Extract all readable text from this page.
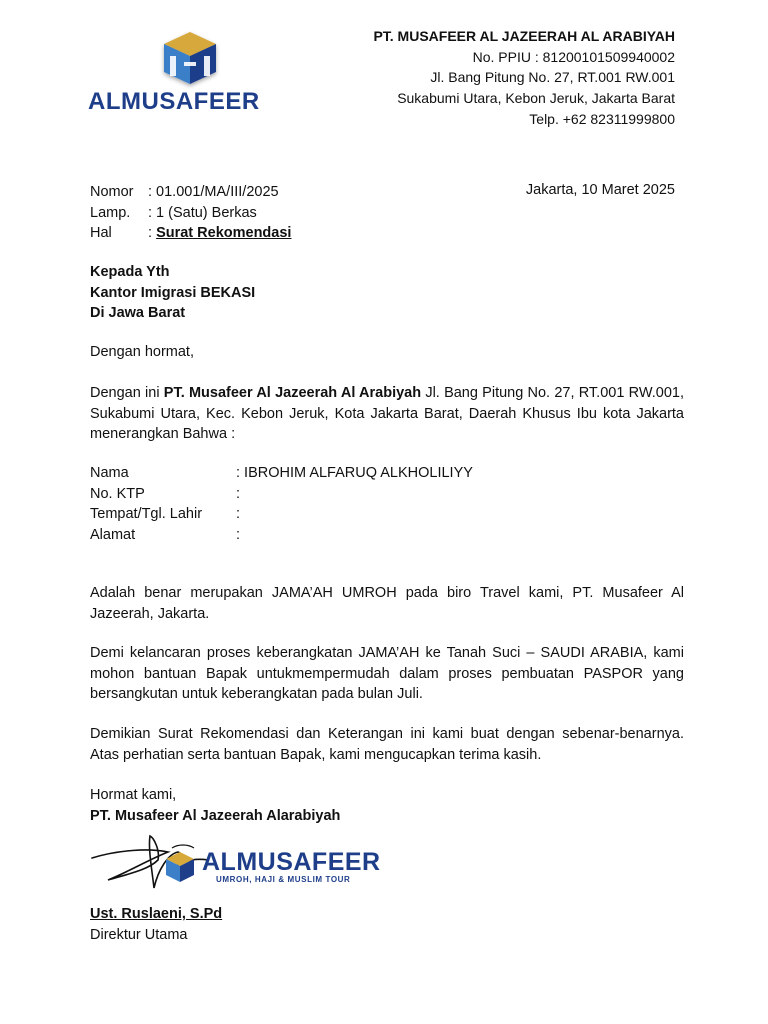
ALMUSAFEER
PT. MUSAFEER AL JAZEERAH AL ARABIYAH
No. PPIU : 81200101509940002
Jl. Bang Pitung No. 27, RT.001 RW.001
Sukabumi Utara, Kebon Jeruk, Jakarta Barat
Telp. +62 82311999800
Nomor : 01.001/MA/III/2025
Lamp.	: 1 (Satu) Berkas
Hal	: Surat Rekomendasi
Jakarta, 10 Maret 2025
Kepada Yth
Kantor Imigrasi BEKASI
Di Jawa Barat
Dengan hormat,
Dengan ini PT. Musafeer Al Jazeerah Al Arabiyah Jl. Bang Pitung No. 27, RT.001 RW.001, Sukabumi Utara, Kec. Kebon Jeruk, Kota Jakarta Barat, Daerah Khusus Ibu kota Jakarta menerangkan Bahwa :
Nama	: IBROHIM ALFARUQ ALKHOLILIYY
No. KTP	:
Tempat/Tgl. Lahir	:
Alamat	:
Adalah benar merupakan JAMA’AH UMROH pada biro Travel kami, PT. Musafeer Al Jazeerah, Jakarta.
Demi kelancaran proses keberangkatan JAMA’AH ke Tanah Suci – SAUDI ARABIA, kami mohon bantuan Bapak untukmempermudah dalam proses pembuatan PASPOR yang bersangkutan untuk keberangkatan pada bulan Juli.
Demikian Surat Rekomendasi dan Keterangan ini kami buat dengan sebenar-benarnya. Atas perhatian serta bantuan Bapak, kami mengucapkan terima kasih.
Hormat kami,
PT. Musafeer Al Jazeerah Alarabiyah
ALMUSAFEER
UMROH, HAJI & MUSLIM TOUR
Ust. Ruslaeni, S.Pd
Direktur Utama
